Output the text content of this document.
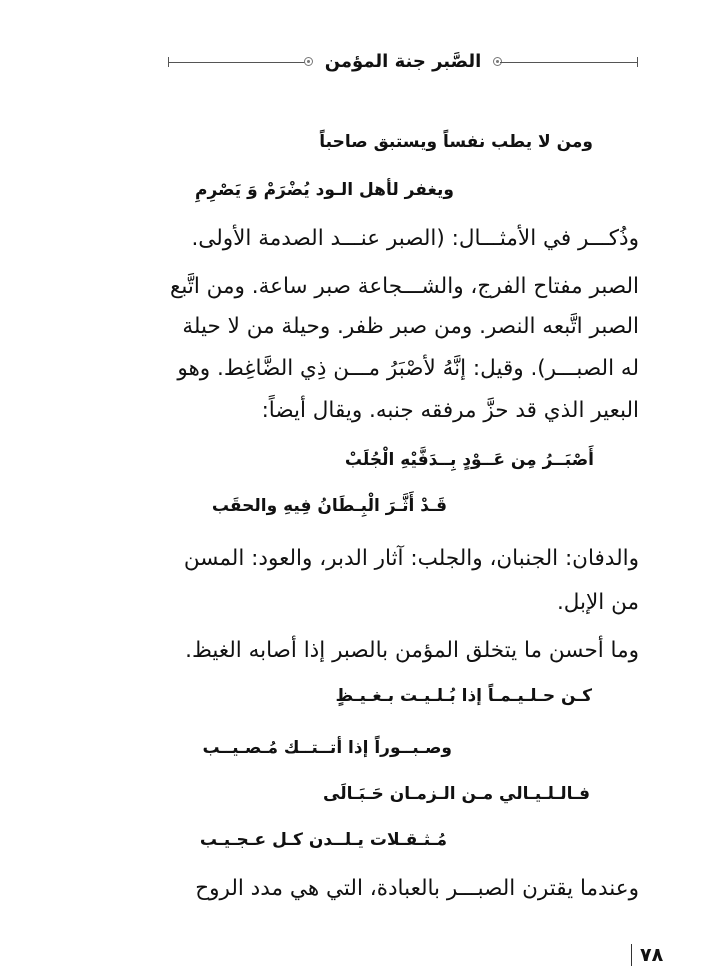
الصَّبر جنة المؤمن
ومن لا يطب نفساً ويستبق صاحباً
ويغفر لأهل الـود يُضْرَمْ وَ يَصْرِمِ
وذُكـــر في الأمثـــال: (الصبر عنـــد الصدمة الأولى.
الصبر مفتاح الفرج، والشـــجاعة صبر ساعة. ومن اتَّبع
الصبر اتَّبعه النصر. ومن صبر ظفر. وحيلة من لا حيلة
له الصبـــر). وقيل: إنَّهُ لأصْبَرُ مـــن ذِي الضَّاغِط. وهو
البعير الذي قد حزَّ مرفقه جنبه. ويقال أيضاً:
أَصْبَــرُ مِن عَــوْدٍ بِــدَفَّيْهِ الْجُلَبْ
قَـدْ أَثَّـرَ الْبِـطَانُ فِيهِ والحقَب
والدفان: الجنبان، والجلب: آثار الدبر، والعود: المسن
من الإبل.
وما أحسن ما يتخلق المؤمن بالصبر إذا أصابه الغيظ.
كـن حـلـيـمـاً إذا بُـلـيـت بـغـيـظٍ
وصـبــوراً إذا أتــتــك مُـصـيــب
فـالـلـيـالي مـن الـزمـان حَـبَـالَى
مُـثـقـلات يـلــدن كـل عـجـيـب
وعندما يقترن الصبـــر بالعبادة، التي هي مدد الروح
٧٨
